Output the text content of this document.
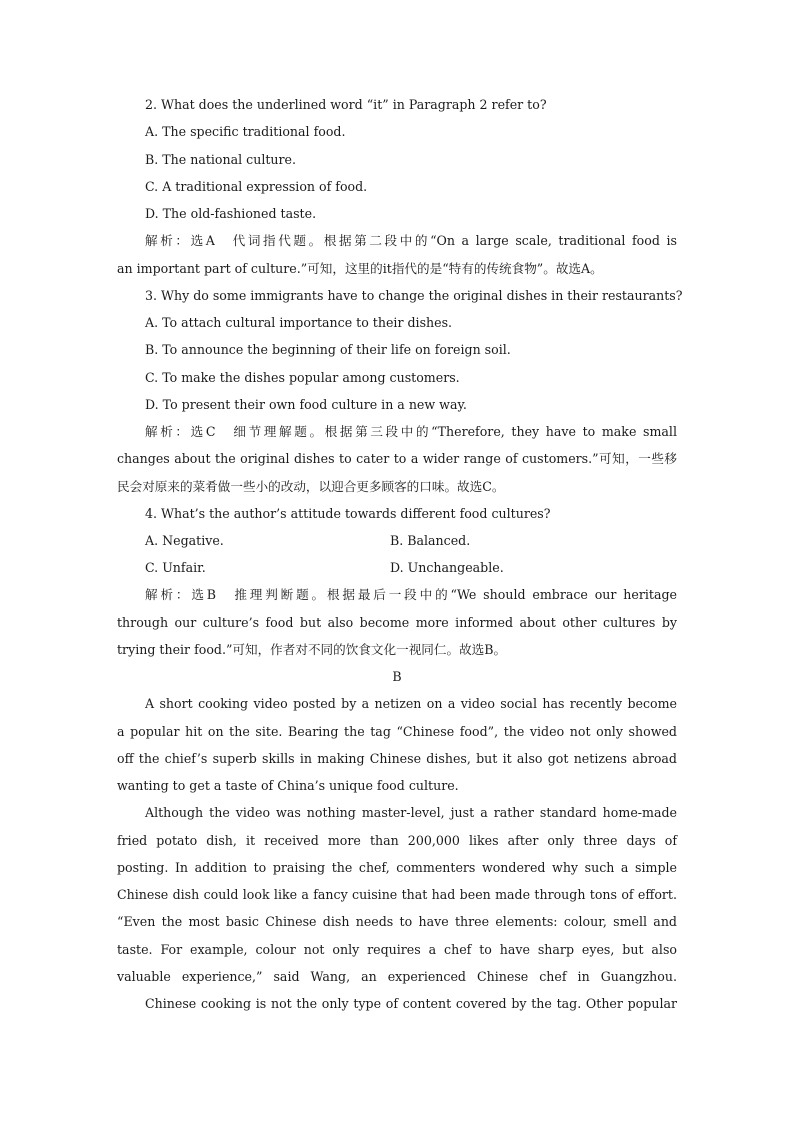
2. What does the underlined word “it” in Paragraph 2 refer to?
A. The specific traditional food.
B. The national culture.
C. A traditional expression of food.
D. The old-fashioned taste.
解析：选A　代词指代题。根据第二段中的“On a large scale, traditional food is
an important part of culture.”可知，这里的it指代的是“特有的传统食物”。故选A。
3. Why do some immigrants have to change the original dishes in their restaurants?
A. To attach cultural importance to their dishes.
B. To announce the beginning of their life on foreign soil.
C. To make the dishes popular among customers.
D. To present their own food culture in a new way.
解析：选C　细节理解题。根据第三段中的“Therefore, they have to make small
changes about the original dishes to cater to a wider range of customers.”可知，一些移
民会对原来的菜肴做一些小的改动，以迎合更多顾客的口味。故选C。
4. What’s the author’s attitude towards different food cultures?
A. Negative.	B. Balanced.
C. Unfair.	D. Unchangeable.
解析：选B　推理判断题。根据最后一段中的“We should embrace our heritage
through our culture’s food but also become more informed about other cultures by
trying their food.”可知，作者对不同的饮食文化一视同仁。故选B。
B
A short cooking video posted by a netizen on a video social has recently become
a popular hit on the site. Bearing the tag “Chinese food”, the video not only showed
off the chief’s superb skills in making Chinese dishes, but it also got netizens abroad
wanting to get a taste of China’s unique food culture.
Although the video was nothing master-level, just a rather standard home-made
fried potato dish, it received more than 200,000 likes after only three days of
posting. In addition to praising the chef, commenters wondered why such a simple
Chinese dish could look like a fancy cuisine that had been made through tons of effort.
“Even the most basic Chinese dish needs to have three elements: colour, smell and
taste. For example, colour not only requires a chef to have sharp eyes, but also
valuable experience,” said Wang, an experienced Chinese chef in Guangzhou.
Chinese cooking is not the only type of content covered by the tag. Other popular
